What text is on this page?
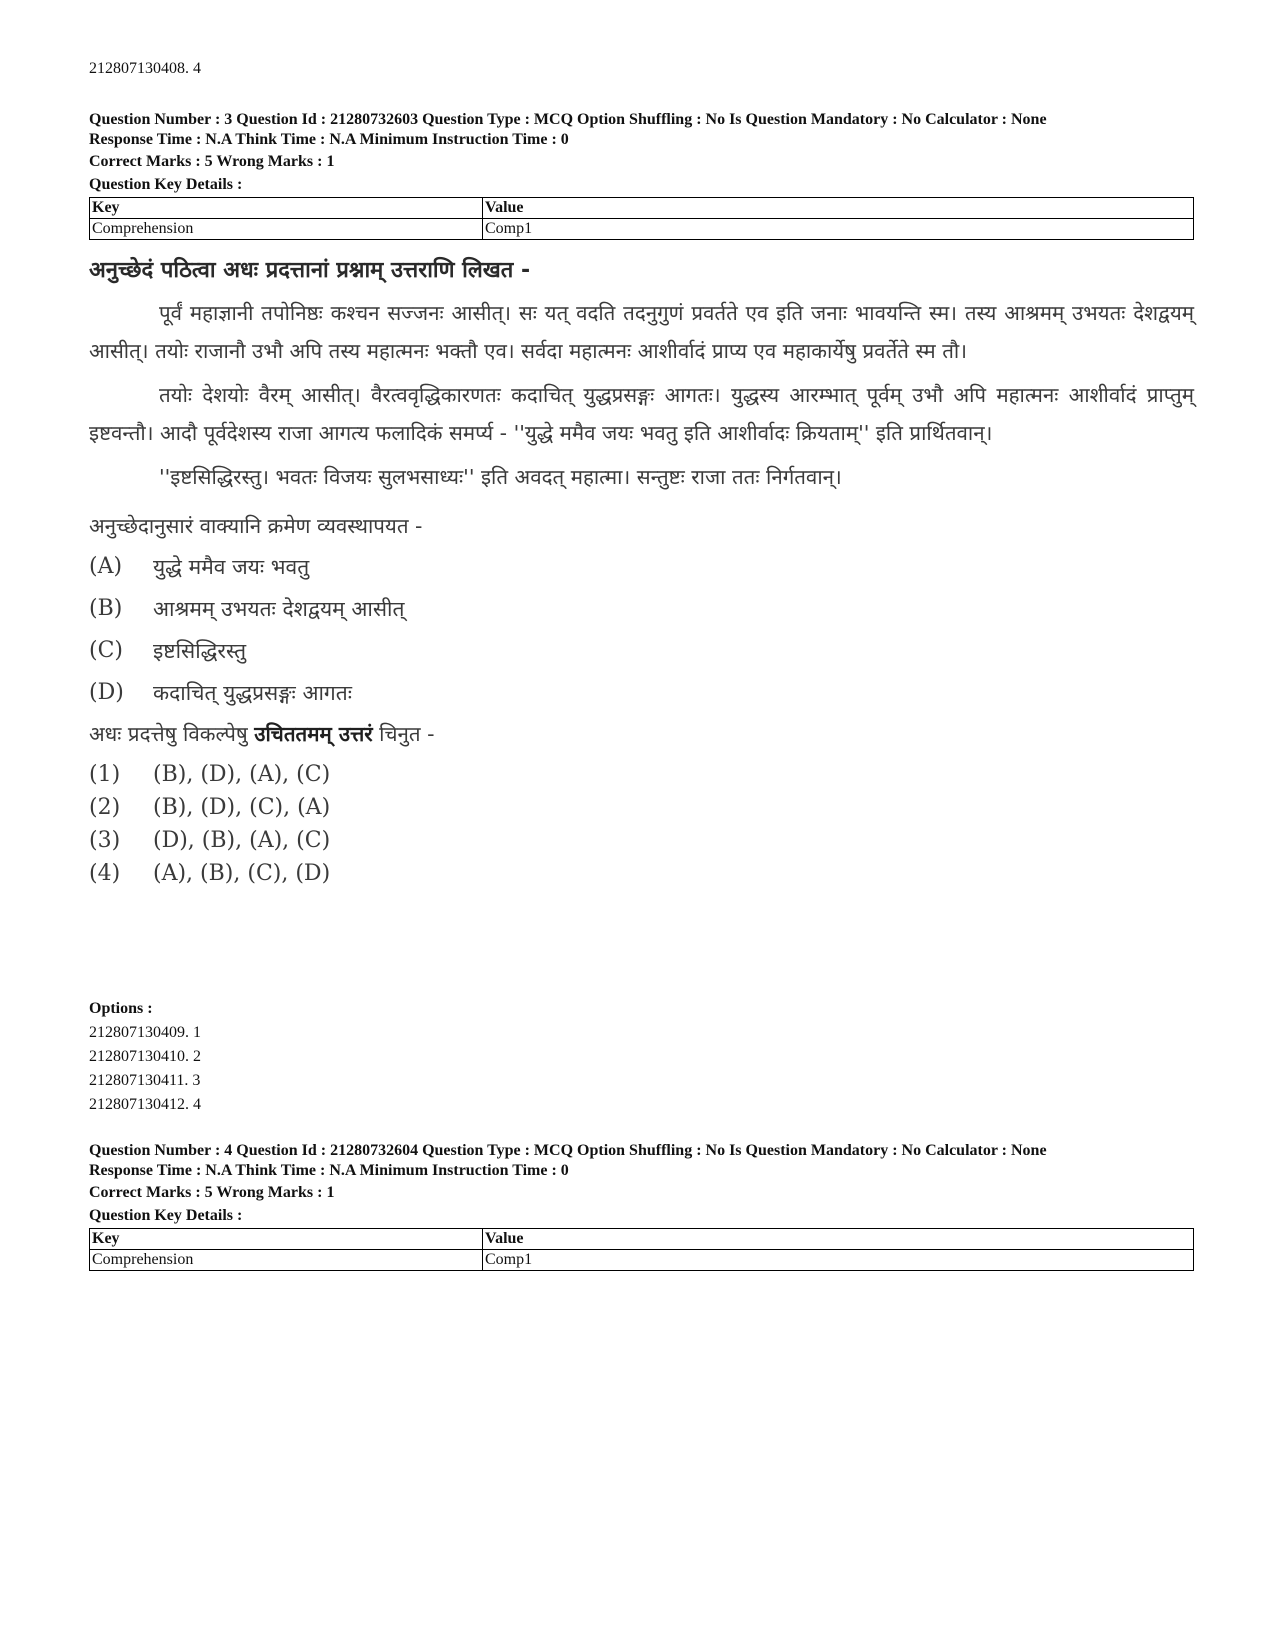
212807130408. 4
Question Number : 3 Question Id : 21280732603 Question Type : MCQ Option Shuffling : No Is Question Mandatory : No Calculator : None
Response Time : N.A Think Time : N.A Minimum Instruction Time : 0
Correct Marks : 5 Wrong Marks : 1
Question Key Details :
Key	Value
Comprehension	Comp1
अनुच्छेदं पठित्वा अधः प्रदत्तानां प्रश्नाम् उत्तराणि लिखत -

पूर्वं महाज्ञानी तपोनिष्ठः कश्चन सज्जनः आसीत्। सः यत् वदति तदनुगुणं प्रवर्तते एव इति जनाः भावयन्ति स्म। तस्य आश्रमम् उभयतः देशद्वयम् आसीत्। तयोः राजानौ उभौ अपि तस्य महात्मनः भक्तौ एव। सर्वदा महात्मनः आशीर्वादं प्राप्य एव महाकार्येषु प्रवर्तेते स्म तौ।

तयोः देशयोः वैरम् आसीत्। वैरत्ववृद्धिकारणतः कदाचित् युद्धप्रसङ्गः आगतः। युद्धस्य आरम्भात् पूर्वम् उभौ अपि महात्मनः आशीर्वादं प्राप्तुम् इष्टवन्तौ। आदौ पूर्वदेशस्य राजा आगत्य फलादिकं समर्प्य - ''युद्धे ममैव जयः भवतु इति आशीर्वादः क्रियताम्'' इति प्रार्थितवान्।

''इष्टसिद्धिरस्तु। भवतः विजयः सुलभसाध्यः'' इति अवदत् महात्मा। सन्तुष्टः राजा ततः निर्गतवान्।

अनुच्छेदानुसारं वाक्यानि क्रमेण व्यवस्थापयत -
(A)	युद्धे ममैव जयः भवतु
(B)	आश्रमम् उभयतः देशद्वयम् आसीत्
(C)	इष्टसिद्धिरस्तु
(D)	कदाचित् युद्धप्रसङ्गः आगतः
अधः प्रदत्तेषु विकल्पेषु उचिततमम् उत्तरं चिनुत -
(1)	(B), (D), (A), (C)
(2)	(B), (D), (C), (A)
(3)	(D), (B), (A), (C)
(4)	(A), (B), (C), (D)
Options :
212807130409. 1
212807130410. 2
212807130411. 3
212807130412. 4
Question Number : 4 Question Id : 21280732604 Question Type : MCQ Option Shuffling : No Is Question Mandatory : No Calculator : None
Response Time : N.A Think Time : N.A Minimum Instruction Time : 0
Correct Marks : 5 Wrong Marks : 1
Question Key Details :
Key	Value
Comprehension	Comp1
